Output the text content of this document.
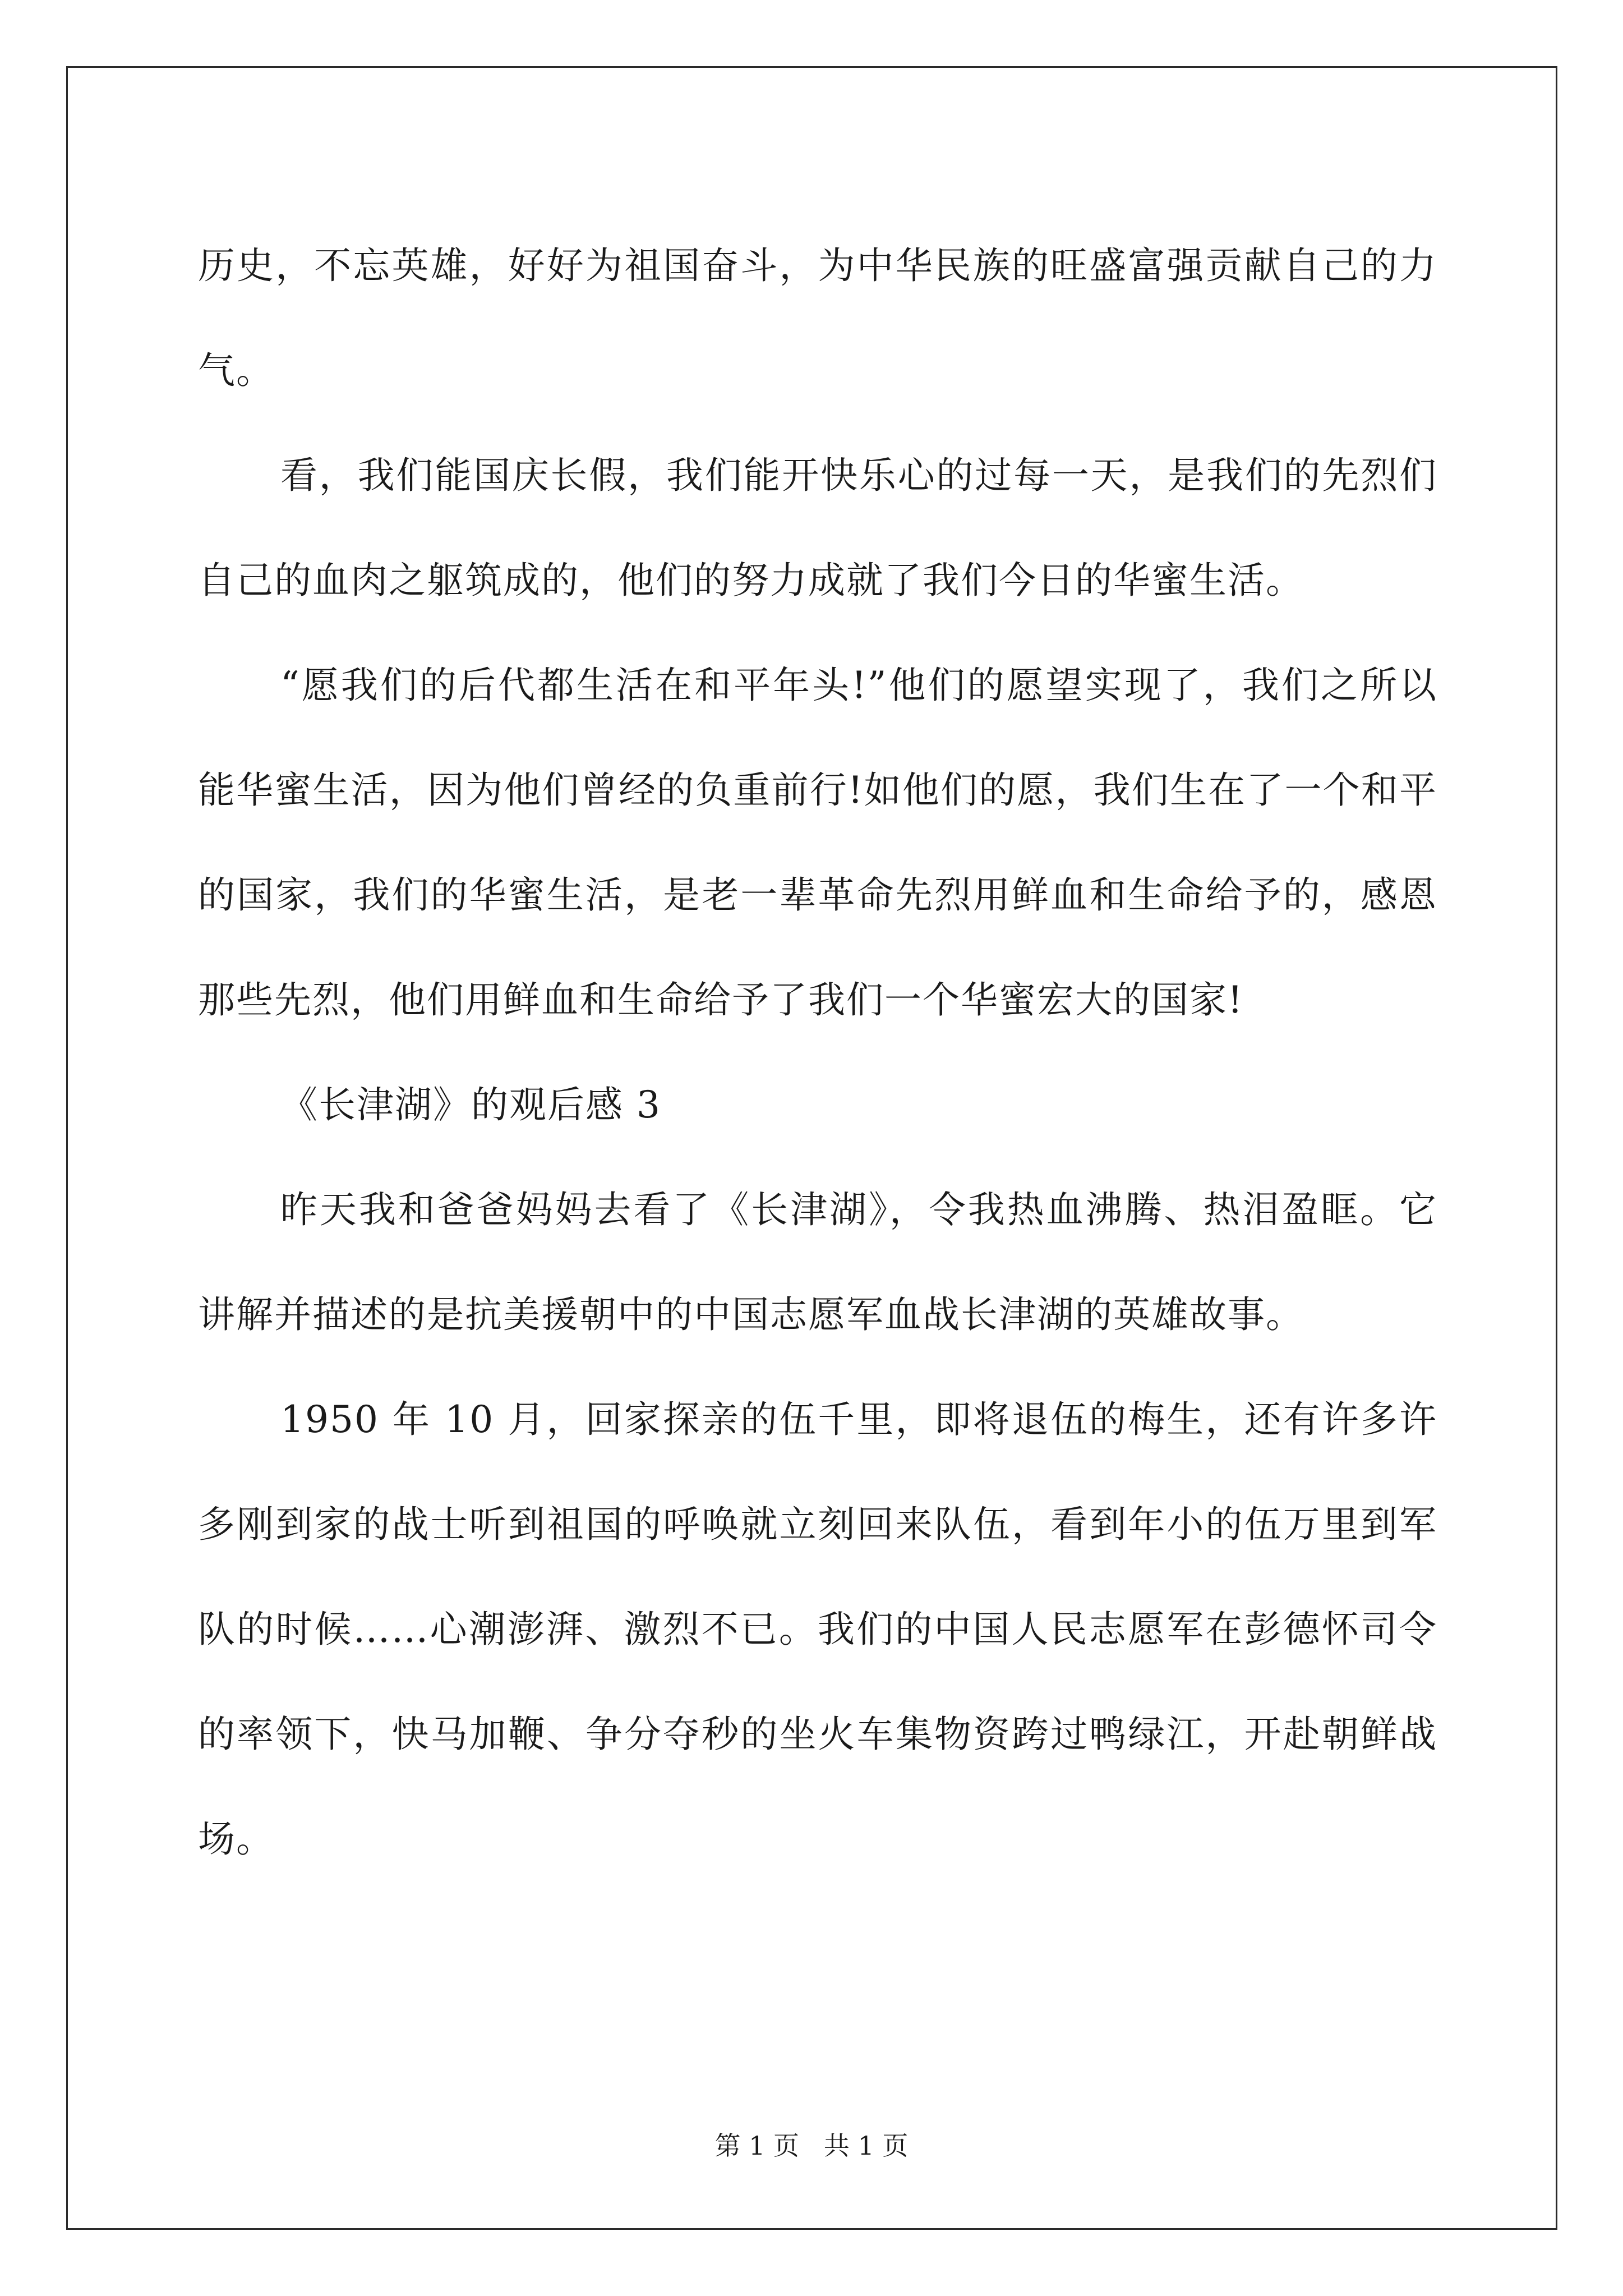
历史，不忘英雄，好好为祖国奋斗，为中华民族的旺盛富强贡献自己的力气。

看，我们能国庆长假，我们能开快乐心的过每一天，是我们的先烈们自己的血肉之躯筑成的，他们的努力成就了我们今日的华蜜生活。

“愿我们的后代都生活在和平年头!”他们的愿望实现了，我们之所以能华蜜生活，因为他们曾经的负重前行!如他们的愿，我们生在了一个和平的国家，我们的华蜜生活，是老一辈革命先烈用鲜血和生命给予的，感恩那些先烈，他们用鲜血和生命给予了我们一个华蜜宏大的国家!

《长津湖》的观后感 3

昨天我和爸爸妈妈去看了《长津湖》，令我热血沸腾、热泪盈眶。它讲解并描述的是抗美援朝中的中国志愿军血战长津湖的英雄故事。

1950 年 10 月，回家探亲的伍千里，即将退伍的梅生，还有许多许多刚到家的战士听到祖国的呼唤就立刻回来队伍，看到年小的伍万里到军队的时候……心潮澎湃、激烈不已。我们的中国人民志愿军在彭德怀司令的率领下，快马加鞭、争分夺秒的坐火车集物资跨过鸭绿江，开赴朝鲜战场。

第 1 页   共 1 页
